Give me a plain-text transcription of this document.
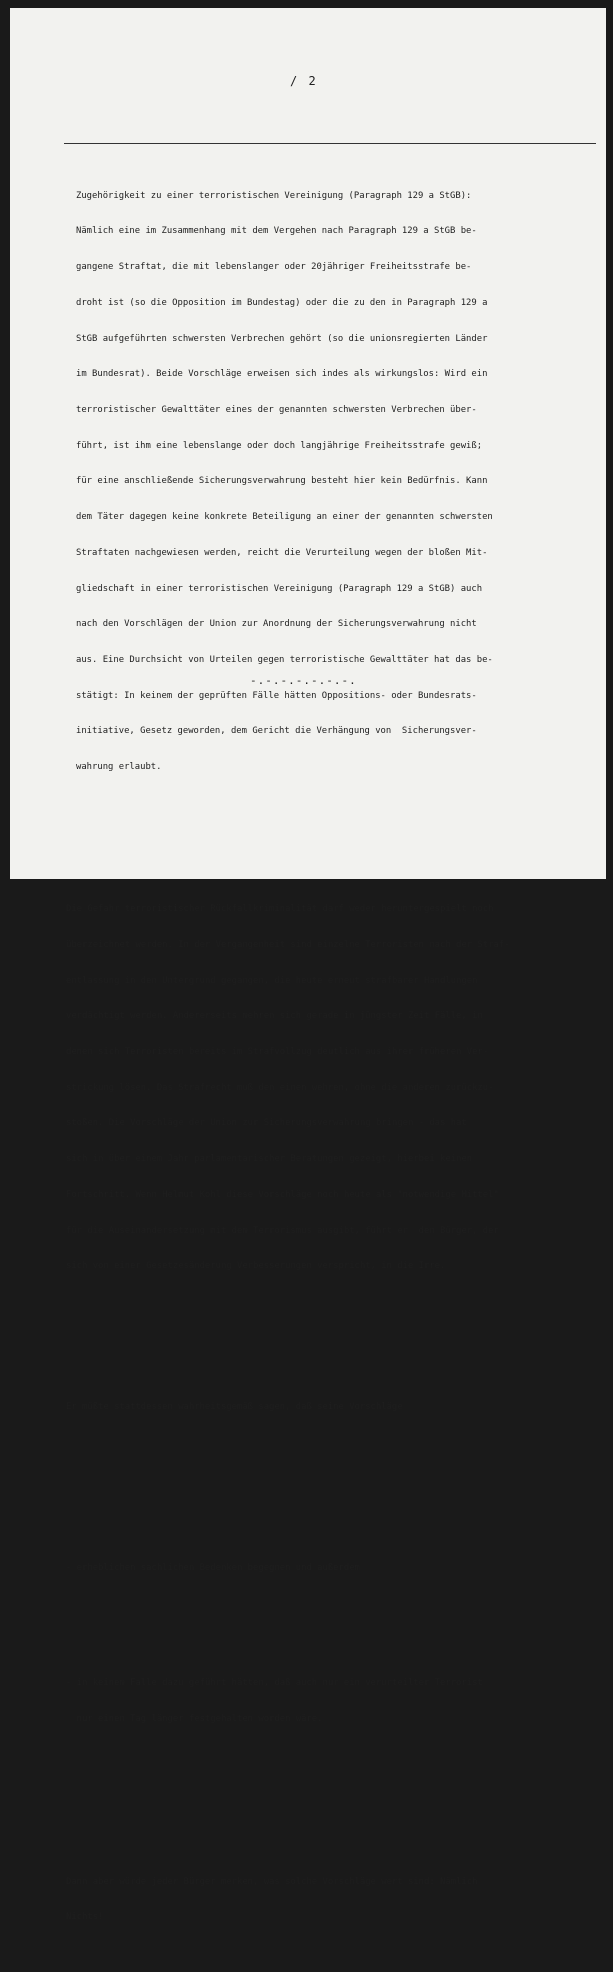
/ 2

Zugehörigkeit zu einer terroristischen Vereinigung (Paragraph 129 a StGB):

Nämlich eine im Zusammenhang mit dem Vergehen nach Paragraph 129 a StGB be-

gangene Straftat, die mit lebenslanger oder 20jähriger Freiheitsstrafe be-

droht ist (so die Opposition im Bundestag) oder die zu den in Paragraph 129 a

StGB aufgeführten schwersten Verbrechen gehört (so die unionsregierten Länder

im Bundesrat). Beide Vorschläge erweisen sich indes als wirkungslos: Wird ein

terroristischer Gewalttäter eines der genannten schwersten Verbrechen über-

führt, ist ihm eine lebenslange oder doch langjährige Freiheitsstrafe gewiß;

für eine anschließende Sicherungsverwahrung besteht hier kein Bedürfnis. Kann

dem Täter dagegen keine konkrete Beteiligung an einer der genannten schwersten

Straftaten nachgewiesen werden, reicht die Verurteilung wegen der bloßen Mit-

gliedschaft in einer terroristischen Vereinigung (Paragraph 129 a StGB) auch

nach den Vorschlägen der Union zur Anordnung der Sicherungsverwahrung nicht

aus. Eine Durchsicht von Urteilen gegen terroristische Gewalttäter hat das be-

stätigt: In keinem der geprüften Fälle hätten Oppositions- oder Bundesrats-

initiative, Gesetz geworden, dem Gericht die Verhängung von  Sicherungsver-

wahrung erlaubt.

Die Gefahr terroristischer Rückfallkriminalität darf weder heruntergespielt noch

überzeichnet werden. In der Vergangenheit sind einzelne Terroristen nach der Straf-

entlassung in den Untergrund gegangen, die heute erneut strafbarer Handlungen

verdächtigt werden. Andererseits mehren sich gerade in jüngster Zeit Fälle, in

denen sich Terroristen bereits im Strafvollzug deutlich aus ihrer früheren Ver-

strickung lösen. Das Strafrecht muß den einen wehren, ohne die anderen zurückzu-

stoßen. Die Vorschläge der Union zur Sicherungsverwahrung bringen - das hat

sich in über einem Jahr parlamentarischer Beratungen gezeigt, hierbei keinen

Fortschritt. Wenn Helmut Kohl diese Vorschläge noch heute als "notwendige Mittel"

für die Auseinandersetzung mit dem Terrorismus ausgibt, führt er  den Bürger, der

sich von einer Gesetzesänderung Verbesserungen verspricht, in die Irre.

Er müßte stattdessen wahrheitsgemäß sagen, daß seine Vorschläge

- erheblichen sachlichen Bedenken begegnen und außerdem

- in keinem Falle dazu geführt hätten, daß auch nur ein verurteilter Terrorist

nur einen Tag länger festgehalten worden wäre.

Dann aber würde jeder Bürger merken, was solche Vorschläge wert sind: Nämlich

Nichts!

-.-.-.-.-.-.-.
